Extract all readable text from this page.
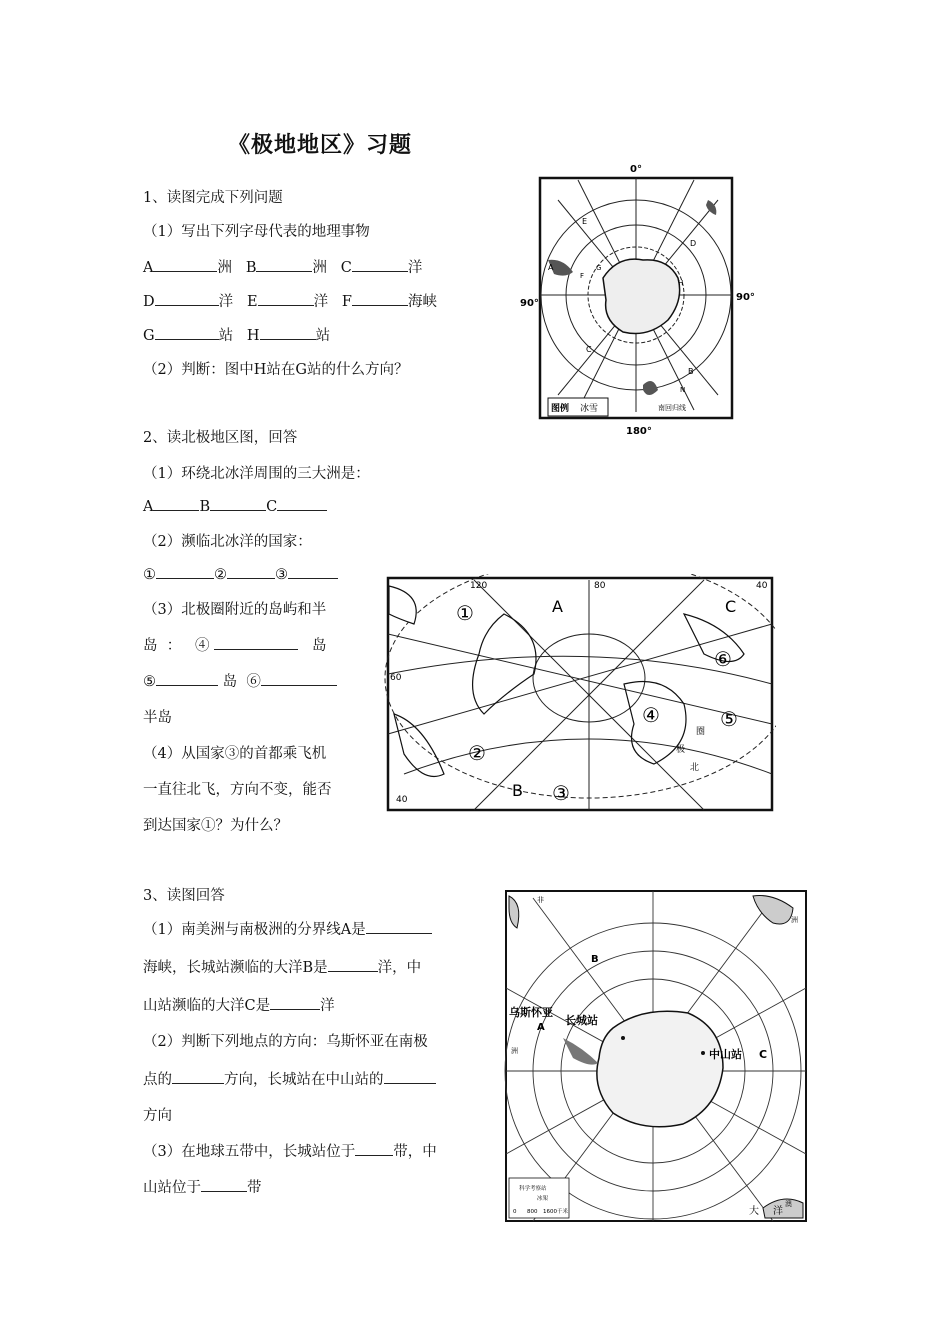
《极地地区》习题
1、读图完成下列问题
（1）写出下列字母代表的地理事物
A	洲 B	洲 C	洋
D	洋 E	洋 F	海峡
G	站 H	站
（2）判断：图中H站在G站的什么方向？
0°
90°
90°
180°
图例 冰雪	南回归线
E
D
A
F
G
H
C
B
N
2、读北极地区图，回答
（1）环绕北冰洋周围的三大洲是：
A	B	C
（2）濒临北冰洋的国家：
①	②	③
（3）北极圈附近的岛屿和半
岛 ： ④	岛
⑤	岛 ⑥
半岛
（4）从国家③的首都乘飞机
一直往北飞，方向不变，能否
到达国家①？为什么？
120	80	40
60
40
A	C
B
①
②
③
④	⑤
⑥
北
极
圈
3、读图回答
（1）南美洲与南极洲的分界线A是
海峡，长城站濒临的大洋B是	洋，中
山站濒临的大洋C是	洋
（2）判断下列地点的方向：乌斯怀亚在南极
点的	方向，长城站在中山站的
方向
（3）在地球五带中，长城站位于	带，中
山站位于	带
B
乌斯怀亚
A
长城站
中山站 C
大 洋
洲
非
洲
澳
科学考察站
冰架
0 800 1600千米
